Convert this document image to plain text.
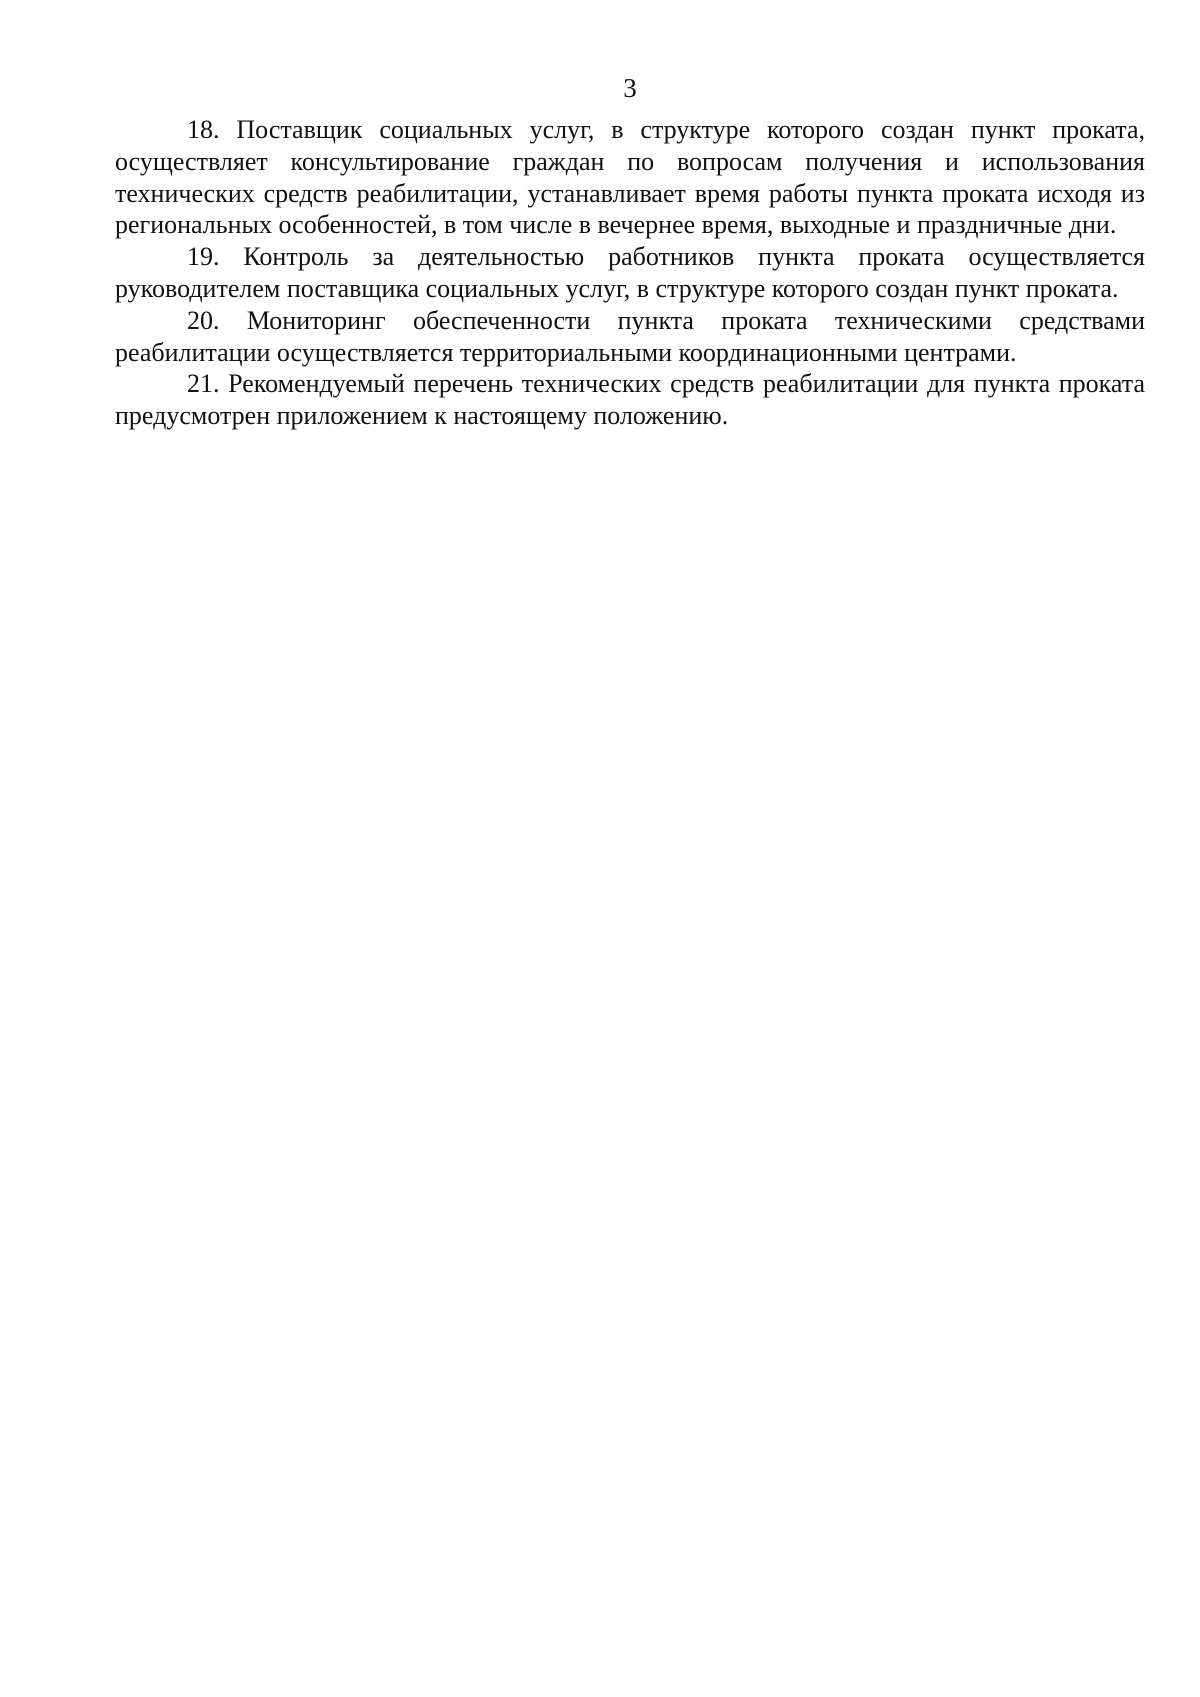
3

18. Поставщик социальных услуг, в структуре которого создан пункт проката, осуществляет консультирование граждан по вопросам получения и использования технических средств реабилитации, устанавливает время работы пункта проката исходя из региональных особенностей, в том числе в вечернее время, выходные и праздничные дни.

19. Контроль за деятельностью работников пункта проката осуществляется руководителем поставщика социальных услуг, в структуре которого создан пункт проката.

20. Мониторинг обеспеченности пункта проката техническими средствами реабилитации осуществляется территориальными координационными центрами.

21. Рекомендуемый перечень технических средств реабилитации для пункта проката предусмотрен приложением к настоящему положению.
